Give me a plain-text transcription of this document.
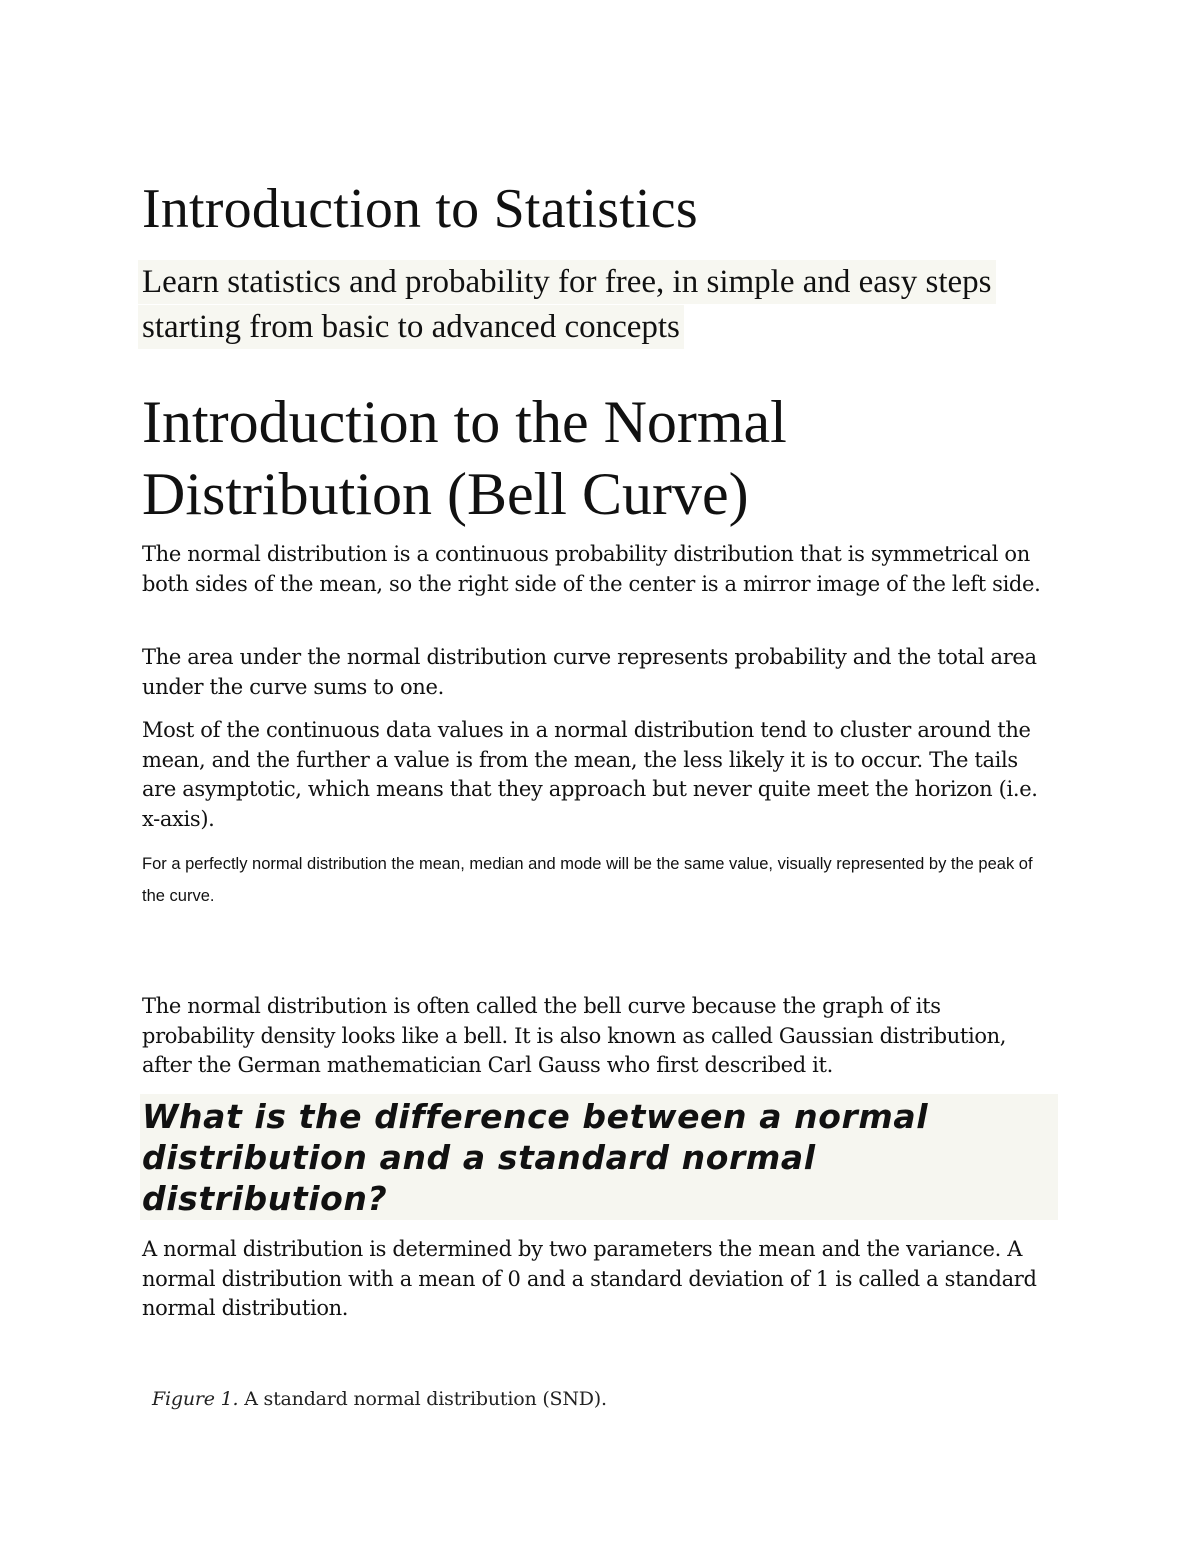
Introduction to Statistics

Learn statistics and probability for free, in simple and easy steps starting from basic to advanced concepts

Introduction to the Normal Distribution (Bell Curve)

The normal distribution is a continuous probability distribution that is symmetrical on both sides of the mean, so the right side of the center is a mirror image of the left side.

The area under the normal distribution curve represents probability and the total area under the curve sums to one.

Most of the continuous data values in a normal distribution tend to cluster around the mean, and the further a value is from the mean, the less likely it is to occur. The tails are asymptotic, which means that they approach but never quite meet the horizon (i.e. x-axis).

For a perfectly normal distribution the mean, median and mode will be the same value, visually represented by the peak of the curve.

The normal distribution is often called the bell curve because the graph of its probability density looks like a bell. It is also known as called Gaussian distribution, after the German mathematician Carl Gauss who first described it.

What is the difference between a normal distribution and a standard normal distribution?

A normal distribution is determined by two parameters the mean and the variance. A normal distribution with a mean of 0 and a standard deviation of 1 is called a standard normal distribution.

Figure 1. A standard normal distribution (SND).
